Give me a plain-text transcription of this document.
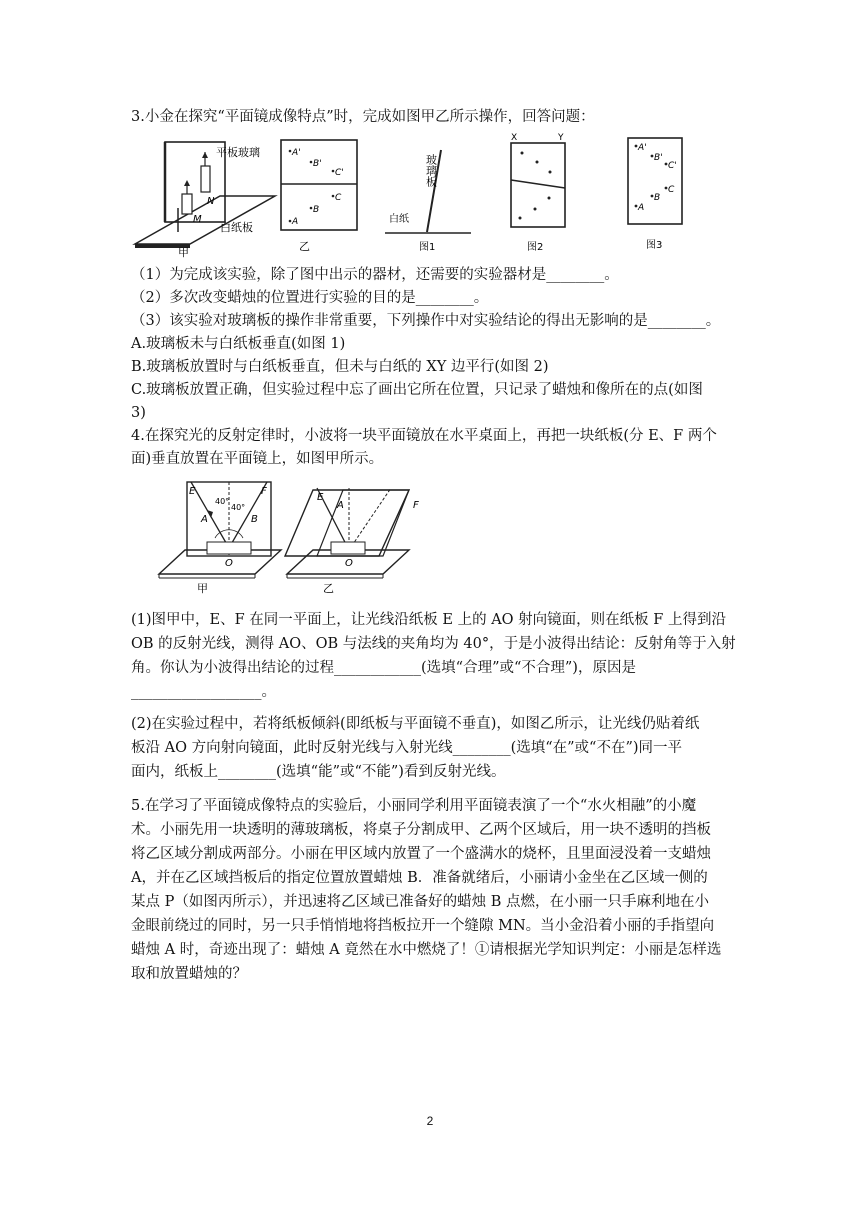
3.小金在探究“平面镜成像特点”时，完成如图甲乙所示操作，回答问题：
N
M
平板玻璃
白纸板
甲
A'
B'
C'
C
B
A
乙
玻璃板
白纸
图1
X	Y
图2
A'
B'
C'
C
B
A
图3
（1）为完成该实验，除了图中出示的器材，还需要的实验器材是________。
（2）多次改变蜡烛的位置进行实验的目的是________。
（3）该实验对玻璃板的操作非常重要，下列操作中对实验结论的得出无影响的是________。
A.玻璃板未与白纸板垂直(如图 1)
B.玻璃板放置时与白纸板垂直，但未与白纸的 XY 边平行(如图 2)
C.玻璃板放置正确，但实验过程中忘了画出它所在位置，只记录了蜡烛和像所在的点(如图
3)
4.在探究光的反射定律时，小波将一块平面镜放在水平桌面上，再把一块纸板(分 E、F 两个
面)垂直放置在平面镜上，如图甲所示。
E	F
40°
40°
A	B
O
甲
E
A	F
O
乙
(1)图甲中，E、F 在同一平面上，让光线沿纸板 E 上的 AO 射向镜面，则在纸板 F 上得到沿
OB 的反射光线，测得 AO、OB 与法线的夹角均为 40°，于是小波得出结论：反射角等于入射
角。你认为小波得出结论的过程____________(选填“合理”或“不合理”)，原因是
__________________。
(2)在实验过程中，若将纸板倾斜(即纸板与平面镜不垂直)，如图乙所示，让光线仍贴着纸
板沿 AO 方向射向镜面，此时反射光线与入射光线________(选填“在”或“不在”)同一平
面内，纸板上________(选填“能”或“不能”)看到反射光线。
5.在学习了平面镜成像特点的实验后，小丽同学利用平面镜表演了一个“水火相融”的小魔
术。小丽先用一块透明的薄玻璃板，将桌子分割成甲、乙两个区域后，用一块不透明的挡板
将乙区域分割成两部分。小丽在甲区域内放置了一个盛满水的烧杯，且里面浸没着一支蜡烛
A，并在乙区域挡板后的指定位置放置蜡烛 B．准备就绪后，小丽请小金坐在乙区域一侧的
某点 P（如图丙所示），并迅速将乙区域已准备好的蜡烛 B 点燃，在小丽一只手麻利地在小
金眼前绕过的同时，另一只手悄悄地将挡板拉开一个缝隙 MN。当小金沿着小丽的手指望向
蜡烛 A 时，奇迹出现了：蜡烛 A 竟然在水中燃烧了！①请根据光学知识判定：小丽是怎样选
取和放置蜡烛的？
2
